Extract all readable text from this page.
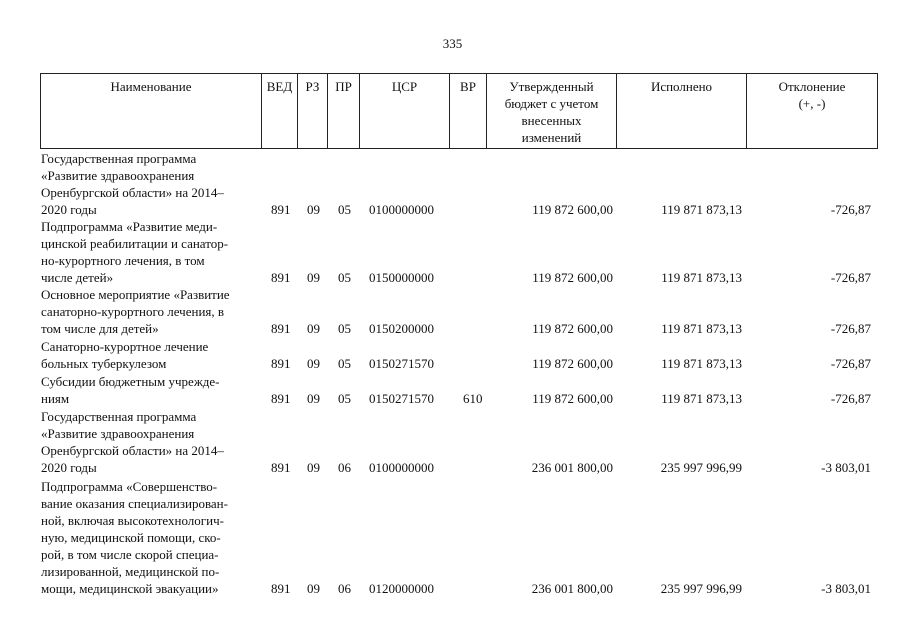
335
Наименование	ВЕД	РЗ	ПР	ЦСР	ВР	Утвержденный
бюджет с учетом
внесенных
изменений
Исполнено	Отклонение
(+, -)
Государственная программа
«Развитие здравоохранения
Оренбургской области» на 2014–
2020 годы	891 09 05 0100000000	119 872 600,00	119 871 873,13	-726,87
Подпрограмма «Развитие меди-
цинской реабилитации и санатор-
но-курортного лечения, в том
числе детей»	891 09 05 0150000000	119 872 600,00	119 871 873,13	-726,87
Основное мероприятие «Развитие
санаторно-курортного лечения, в
том числе для детей»	891 09 05 0150200000	119 872 600,00	119 871 873,13	-726,87
Санаторно-курортное лечение
больных туберкулезом	891 09 05 0150271570	119 872 600,00	119 871 873,13	-726,87
Субсидии бюджетным учрежде-
ниям	891 09 05 0150271570 610	119 872 600,00	119 871 873,13	-726,87
Государственная программа
«Развитие здравоохранения
Оренбургской области» на 2014–
2020 годы	891 09 06 0100000000	236 001 800,00	235 997 996,99	-3 803,01
Подпрограмма «Совершенство-
вание оказания специализирован-
ной, включая высокотехнологич-
ную, медицинской помощи, ско-
рой, в том числе скорой специа-
лизированной, медицинской по-
мощи, медицинской эвакуации»	891 09 06 0120000000	236 001 800,00	235 997 996,99	-3 803,01
